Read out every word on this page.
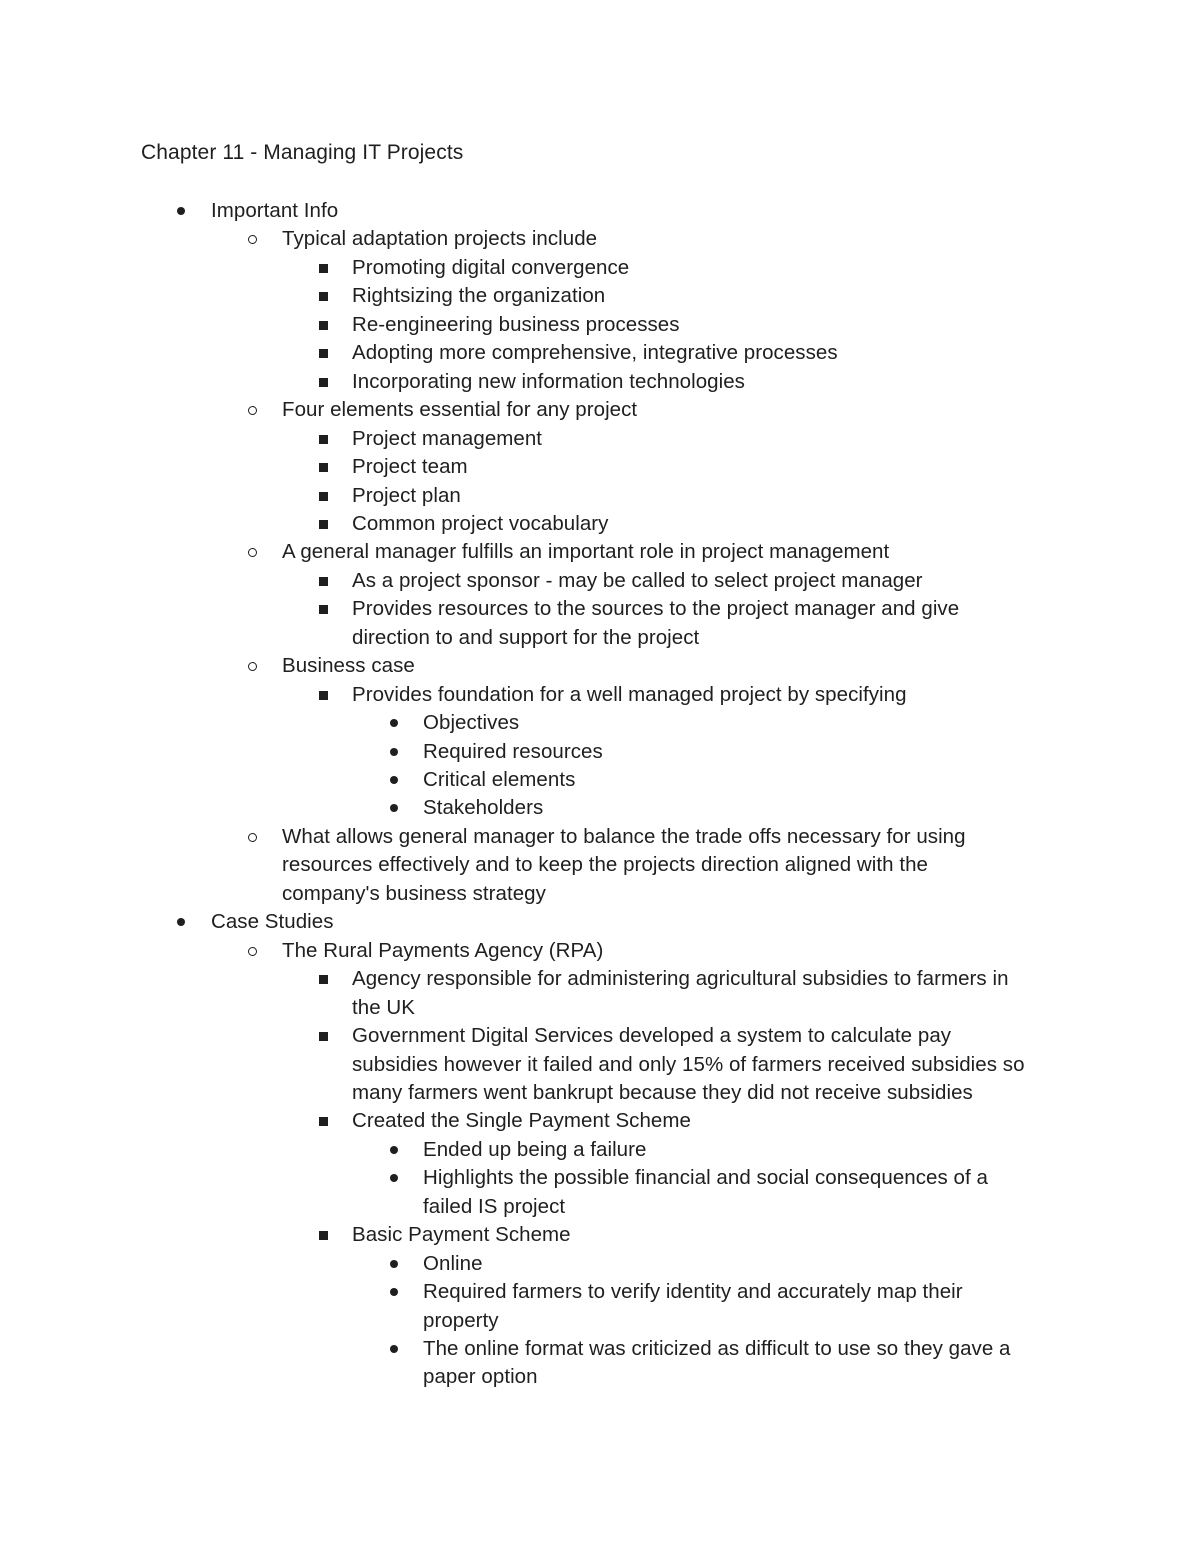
Chapter 11 - Managing IT Projects
Important Info
Typical adaptation projects include
Promoting digital convergence
Rightsizing the organization
Re-engineering business processes
Adopting more comprehensive, integrative processes
Incorporating new information technologies
Four elements essential for any project
Project management
Project team
Project plan
Common project vocabulary
A general manager fulfills an important role in project management
As a project sponsor - may be called to select project manager
Provides resources to the sources to the project manager and give
direction to and support for the project
Business case
Provides foundation for a well managed project by specifying
Objectives
Required resources
Critical elements
Stakeholders
What allows general manager to balance the trade offs necessary for using
resources effectively and to keep the projects direction aligned with the
company's business strategy
Case Studies
The Rural Payments Agency (RPA)
Agency responsible for administering agricultural subsidies to farmers in
the UK
Government Digital Services developed a system to calculate pay
subsidies however it failed and only 15% of farmers received subsidies so
many farmers went bankrupt because they did not receive subsidies
Created the Single Payment Scheme
Ended up being a failure
Highlights the possible financial and social consequences of a
failed IS project
Basic Payment Scheme
Online
Required farmers to verify identity and accurately map their
property
The online format was criticized as difficult to use so they gave a
paper option
